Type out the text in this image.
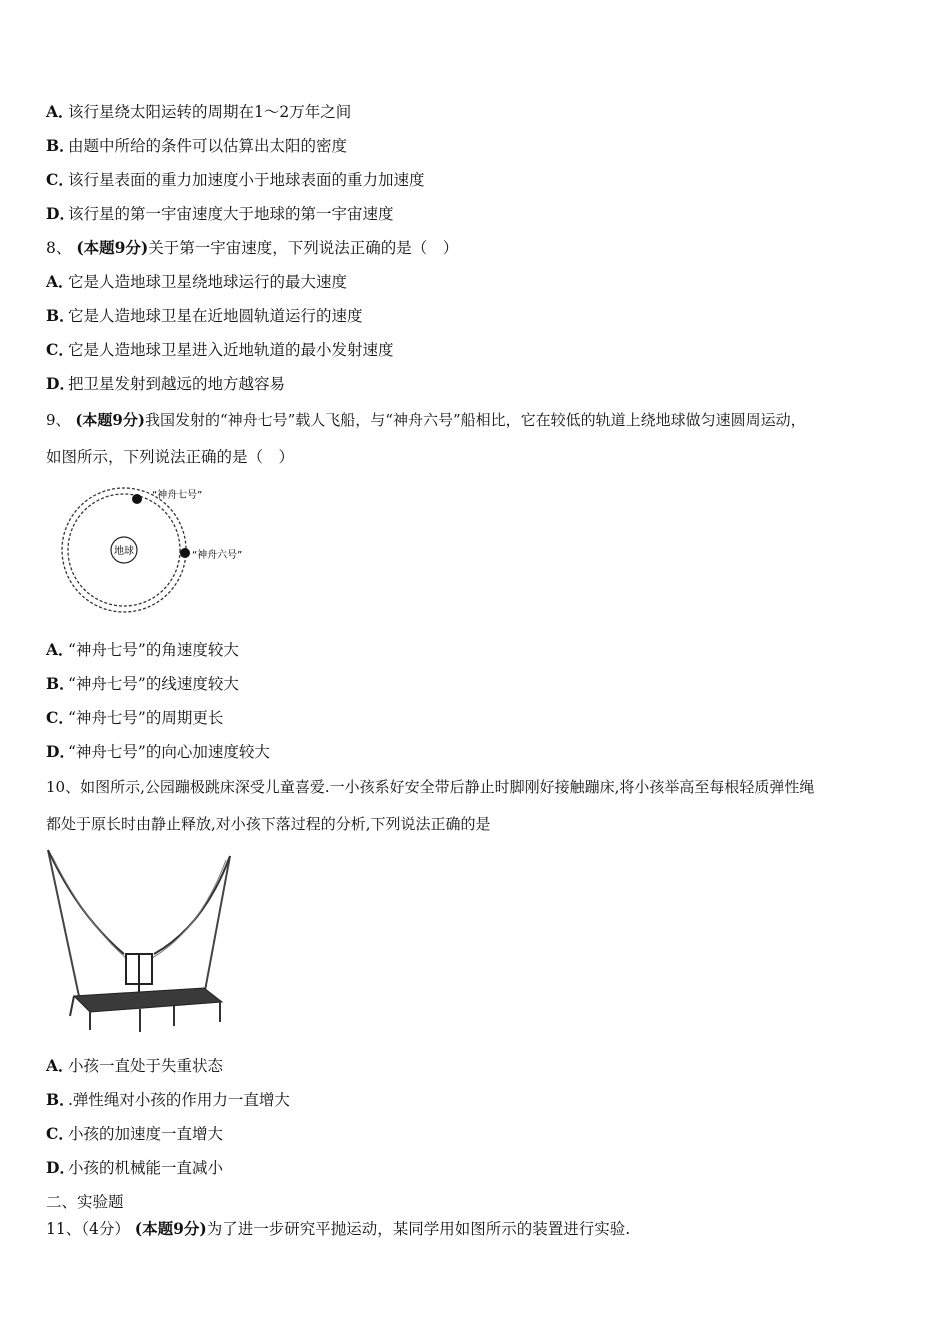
A．该行星绕太阳运转的周期在1～2万年之间
B．由题中所给的条件可以估算出太阳的密度
C．该行星表面的重力加速度小于地球表面的重力加速度
D．该行星的第一宇宙速度大于地球的第一宇宙速度
8、 (本题9分)关于第一宇宙速度，下列说法正确的是（　）
A．它是人造地球卫星绕地球运行的最大速度
B．它是人造地球卫星在近地圆轨道运行的速度
C．它是人造地球卫星进入近地轨道的最小发射速度
D．把卫星发射到越远的地方越容易
9、 (本题9分)我国发射的“神舟七号”载人飞船，与“神舟六号”船相比，它在较低的轨道上绕地球做匀速圆周运动，
如图所示，下列说法正确的是（　）
地球
“神舟七号”
“神舟六号”
A．“神舟七号”的角速度较大
B．“神舟七号”的线速度较大
C．“神舟七号”的周期更长
D．“神舟七号”的向心加速度较大
10、如图所示,公园蹦极跳床深受儿童喜爱.一小孩系好安全带后静止时脚刚好接触蹦床,将小孩举高至每根轻质弹性绳
都处于原长时由静止释放,对小孩下落过程的分析,下列说法正确的是
A．小孩一直处于失重状态
B．.弹性绳对小孩的作用力一直增大
C．小孩的加速度一直增大
D．小孩的机械能一直减小
二、实验题
11、（4分） (本题9分)为了进一步研究平抛运动，某同学用如图所示的装置进行实验.
